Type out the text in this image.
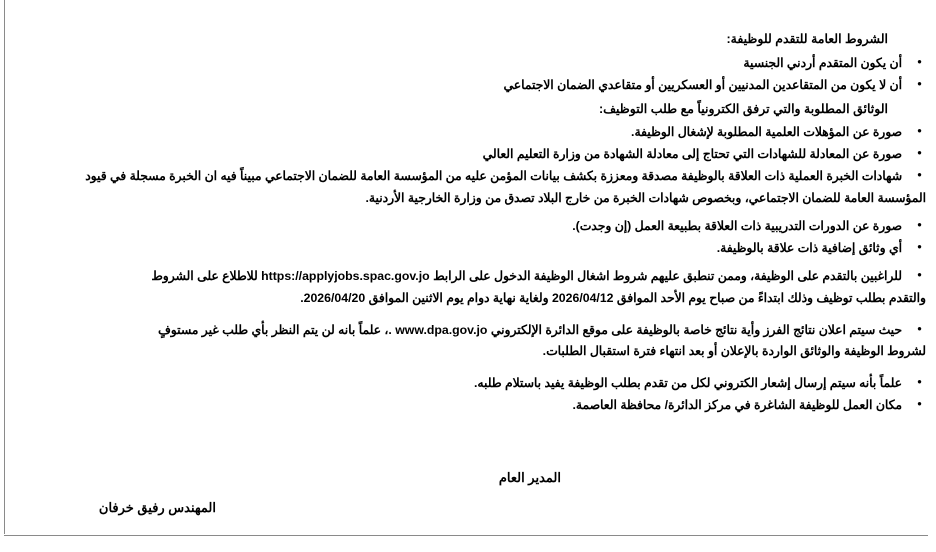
الشروط العامة للتقدم للوظيفة:
● أن يكون المتقدم أردني الجنسية
● أن لا يكون من المتقاعدين المدنيين أو العسكريين أو متقاعدي الضمان الاجتماعي
الوثائق المطلوبة والتي ترفق الكترونياً مع طلب التوظيف:
● صورة عن المؤهلات العلمية المطلوبة لإشغال الوظيفة.
● صورة عن المعادلة للشهادات التي تحتاج إلى معادلة الشهادة من وزارة التعليم العالي
● شهادات الخبرة العملية ذات العلاقة بالوظيفة مصدقة ومعززة بكشف بيانات المؤمن عليه من المؤسسة العامة للضمان الاجتماعي مبيناً فيه ان الخبرة مسجلة في قيود
المؤسسة العامة للضمان الاجتماعي، وبخصوص شهادات الخبرة من خارج البلاد تصدق من وزارة الخارجية الأردنية.
● صورة عن الدورات التدريبية ذات العلاقة بطبيعة العمل (إن وجدت).
● أي وثائق إضافية ذات علاقة بالوظيفة.
● للراغبين بالتقدم على الوظيفة، وممن تنطبق عليهم شروط اشغال الوظيفة الدخول على الرابط https://applyjobs.spac.gov.jo للاطلاع على الشروط
والتقدم بطلب توظيف وذلك ابتداءً من صباح يوم الأحد الموافق 2026/04/12 ولغاية نهاية دوام يوم الاثنين الموافق 2026/04/20.
● حيث سيتم اعلان نتائج الفرز وأية نتائج خاصة بالوظيفة على موقع الدائرة الإلكتروني www.dpa.gov.jo .، علماً بانه لن يتم النظر بأي طلب غير مستوفٍ
لشروط الوظيفة والوثائق الواردة بالإعلان أو بعد انتهاء فترة استقبال الطلبات.
● علماً بأنه سيتم إرسال إشعار الكتروني لكل من تقدم بطلب الوظيفة يفيد باستلام طلبه.
● مكان العمل للوظيفة الشاغرة في مركز الدائرة/ محافظة العاصمة.
المدير العام
المهندس رفيق خرفان
